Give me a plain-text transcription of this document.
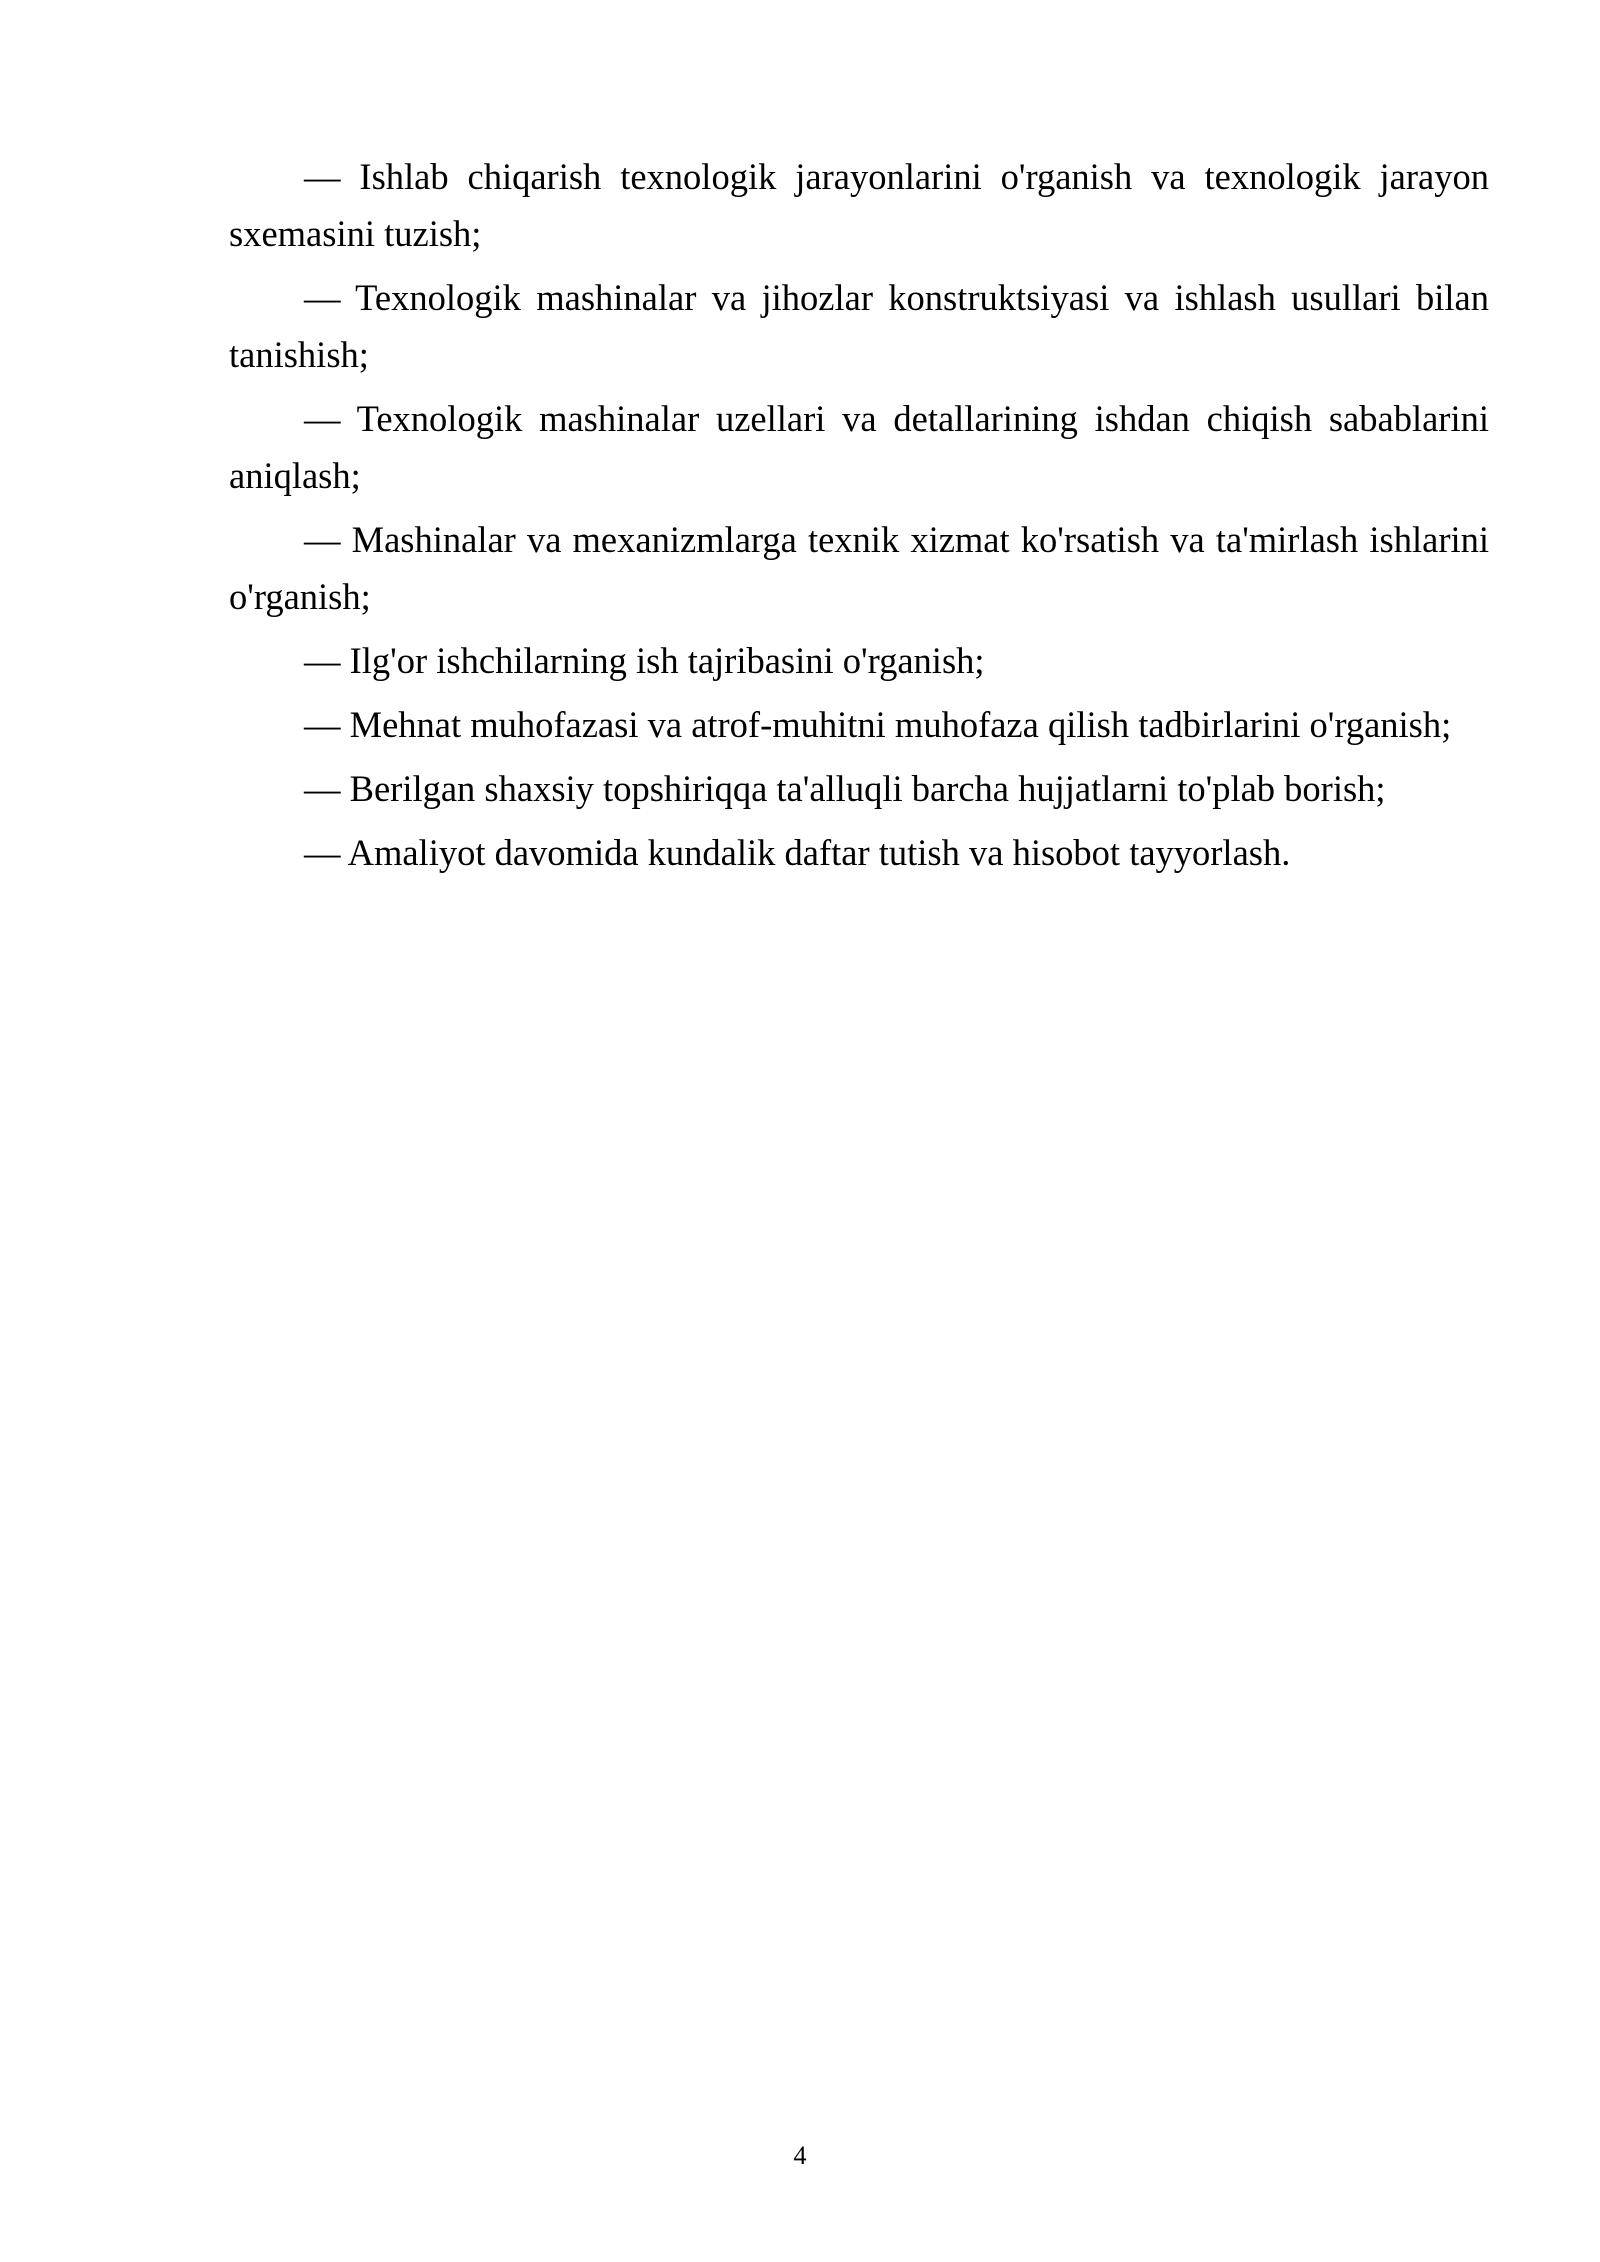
— Ishlab chiqarish texnologik jarayonlarini o'rganish va texnologik jarayon sxemasini tuzish;

— Texnologik mashinalar va jihozlar konstruktsiyasi va ishlash usullari bilan tanishish;

— Texnologik mashinalar uzellari va detallarining ishdan chiqish sabablarini aniqlash;

— Mashinalar va mexanizmlarga texnik xizmat ko'rsatish va ta'mirlash ishlarini o'rganish;

— Ilg'or ishchilarning ish tajribasini o'rganish;

— Mehnat muhofazasi va atrof-muhitni muhofaza qilish tadbirlarini o'rganish;

— Berilgan shaxsiy topshiriqqa ta'alluqli barcha hujjatlarni to'plab borish;

— Amaliyot davomida kundalik daftar tutish va hisobot tayyorlash.

4
